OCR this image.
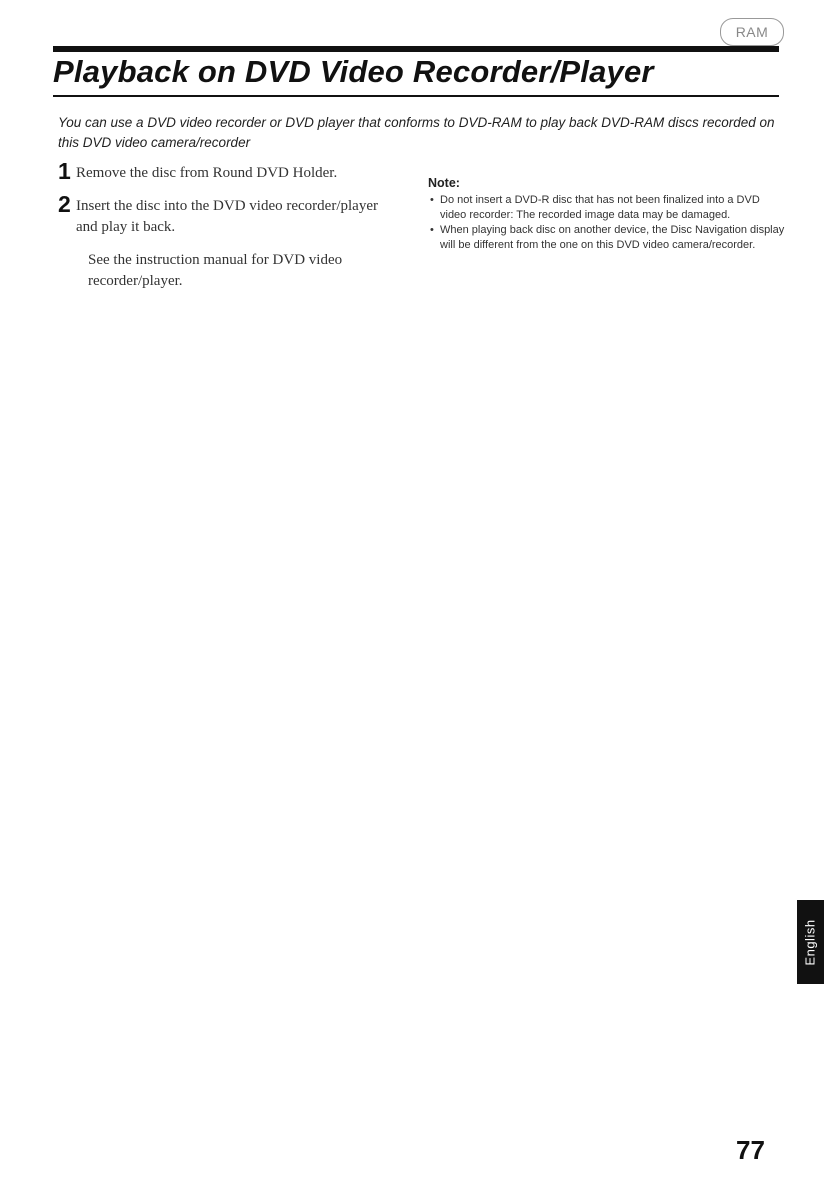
RAM
Playback on DVD Video Recorder/Player

You can use a DVD video recorder or DVD player that conforms to DVD-RAM to play back DVD-RAM discs recorded on this DVD video camera/recorder

1 Remove the disc from Round DVD Holder.
2 Insert the disc into the DVD video recorder/player and play it back.
See the instruction manual for DVD video recorder/player.
Note:
• Do not insert a DVD-R disc that has not been finalized into a DVD video recorder: The recorded image data may be damaged.
• When playing back disc on another device, the Disc Navigation display will be different from the one on this DVD video camera/recorder.
English
77
